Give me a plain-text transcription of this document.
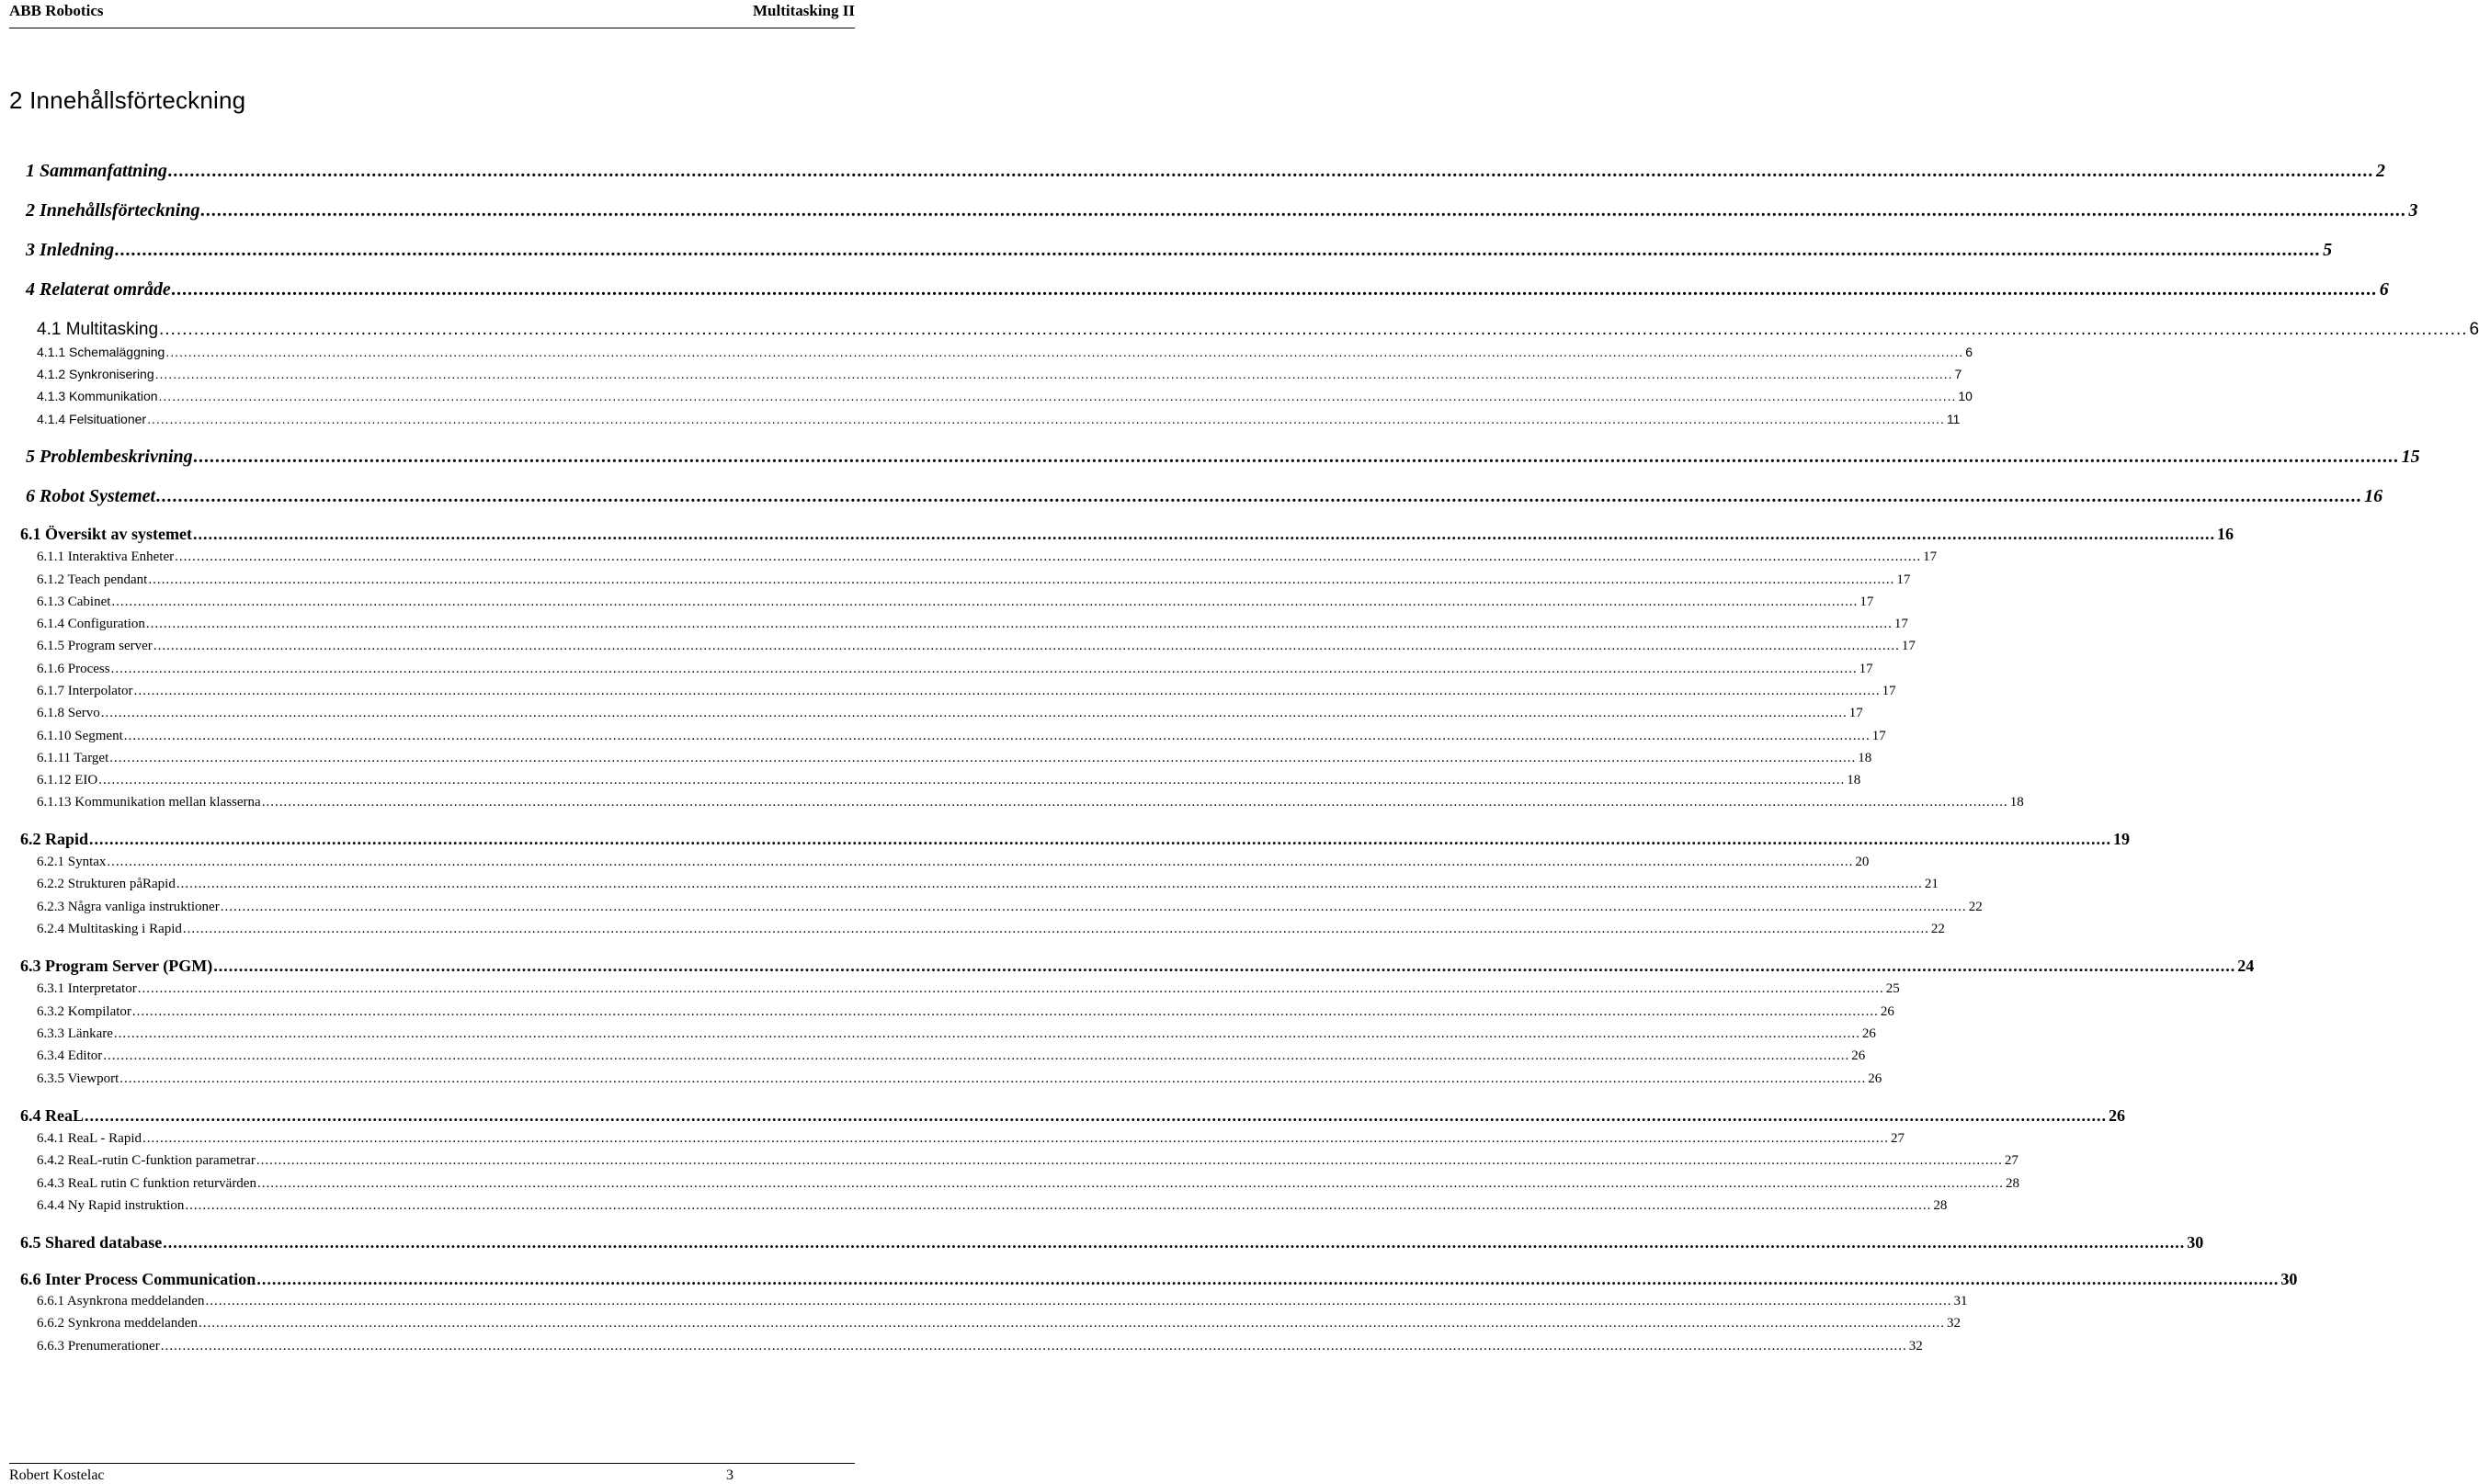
ABB Robotics	Multitasking II
2 Innehållsförteckning
1 Sammanfattning ................................................................................................................................................................................................................................................................................................................................................................................................................ 2
2 Innehållsförteckning ................................................................................................................................................................................................................................................................................................................................................................................................................ 3
3 Inledning ................................................................................................................................................................................................................................................................................................................................................................................................................ 5
4 Relaterat område ................................................................................................................................................................................................................................................................................................................................................................................................................ 6
4.1 Multitasking ................................................................................................................................................................................................................................................................................................................................................................................................................ 6
4.1.1 Schemaläggning ................................................................................................................................................................................................................................................................................................................................................................................................................ 6
4.1.2 Synkronisering ................................................................................................................................................................................................................................................................................................................................................................................................................ 7
4.1.3 Kommunikation ................................................................................................................................................................................................................................................................................................................................................................................................................ 10
4.1.4 Felsituationer ................................................................................................................................................................................................................................................................................................................................................................................................................ 11
5 Problembeskrivning ................................................................................................................................................................................................................................................................................................................................................................................................................ 15
6 Robot Systemet ................................................................................................................................................................................................................................................................................................................................................................................................................ 16
6.1 Översikt av systemet ................................................................................................................................................................................................................................................................................................................................................................................................................ 16
6.1.1 Interaktiva Enheter ................................................................................................................................................................................................................................................................................................................................................................................................................ 17
6.1.2 Teach pendant ................................................................................................................................................................................................................................................................................................................................................................................................................ 17
6.1.3 Cabinet ................................................................................................................................................................................................................................................................................................................................................................................................................ 17
6.1.4 Configuration ................................................................................................................................................................................................................................................................................................................................................................................................................ 17
6.1.5 Program server ................................................................................................................................................................................................................................................................................................................................................................................................................ 17
6.1.6 Process ................................................................................................................................................................................................................................................................................................................................................................................................................ 17
6.1.7 Interpolator ................................................................................................................................................................................................................................................................................................................................................................................................................ 17
6.1.8 Servo ................................................................................................................................................................................................................................................................................................................................................................................................................ 17
6.1.10 Segment ................................................................................................................................................................................................................................................................................................................................................................................................................ 17
6.1.11 Target ................................................................................................................................................................................................................................................................................................................................................................................................................ 18
6.1.12 EIO ................................................................................................................................................................................................................................................................................................................................................................................................................ 18
6.1.13 Kommunikation mellan klasserna ................................................................................................................................................................................................................................................................................................................................................................................................................ 18
6.2 Rapid ................................................................................................................................................................................................................................................................................................................................................................................................................ 19
6.2.1 Syntax ................................................................................................................................................................................................................................................................................................................................................................................................................ 20
6.2.2 Strukturen påRapid ................................................................................................................................................................................................................................................................................................................................................................................................................ 21
6.2.3 Några vanliga instruktioner ................................................................................................................................................................................................................................................................................................................................................................................................................ 22
6.2.4 Multitasking i Rapid ................................................................................................................................................................................................................................................................................................................................................................................................................ 22
6.3 Program Server (PGM) ................................................................................................................................................................................................................................................................................................................................................................................................................ 24
6.3.1 Interpretator ................................................................................................................................................................................................................................................................................................................................................................................................................ 25
6.3.2 Kompilator ................................................................................................................................................................................................................................................................................................................................................................................................................ 26
6.3.3 Länkare ................................................................................................................................................................................................................................................................................................................................................................................................................ 26
6.3.4 Editor ................................................................................................................................................................................................................................................................................................................................................................................................................ 26
6.3.5 Viewport ................................................................................................................................................................................................................................................................................................................................................................................................................ 26
6.4 ReaL ................................................................................................................................................................................................................................................................................................................................................................................................................ 26
6.4.1 ReaL - Rapid ................................................................................................................................................................................................................................................................................................................................................................................................................ 27
6.4.2 ReaL-rutin C-funktion parametrar ................................................................................................................................................................................................................................................................................................................................................................................................................ 27
6.4.3 ReaL rutin C funktion returvärden ................................................................................................................................................................................................................................................................................................................................................................................................................ 28
6.4.4 Ny Rapid instruktion ................................................................................................................................................................................................................................................................................................................................................................................................................ 28
6.5 Shared database ................................................................................................................................................................................................................................................................................................................................................................................................................ 30
6.6 Inter Process Communication ................................................................................................................................................................................................................................................................................................................................................................................................................ 30
6.6.1 Asynkrona meddelanden ................................................................................................................................................................................................................................................................................................................................................................................................................ 31
6.6.2 Synkrona meddelanden ................................................................................................................................................................................................................................................................................................................................................................................................................ 32
6.6.3 Prenumerationer ................................................................................................................................................................................................................................................................................................................................................................................................................ 32
Robert Kostelac	3
